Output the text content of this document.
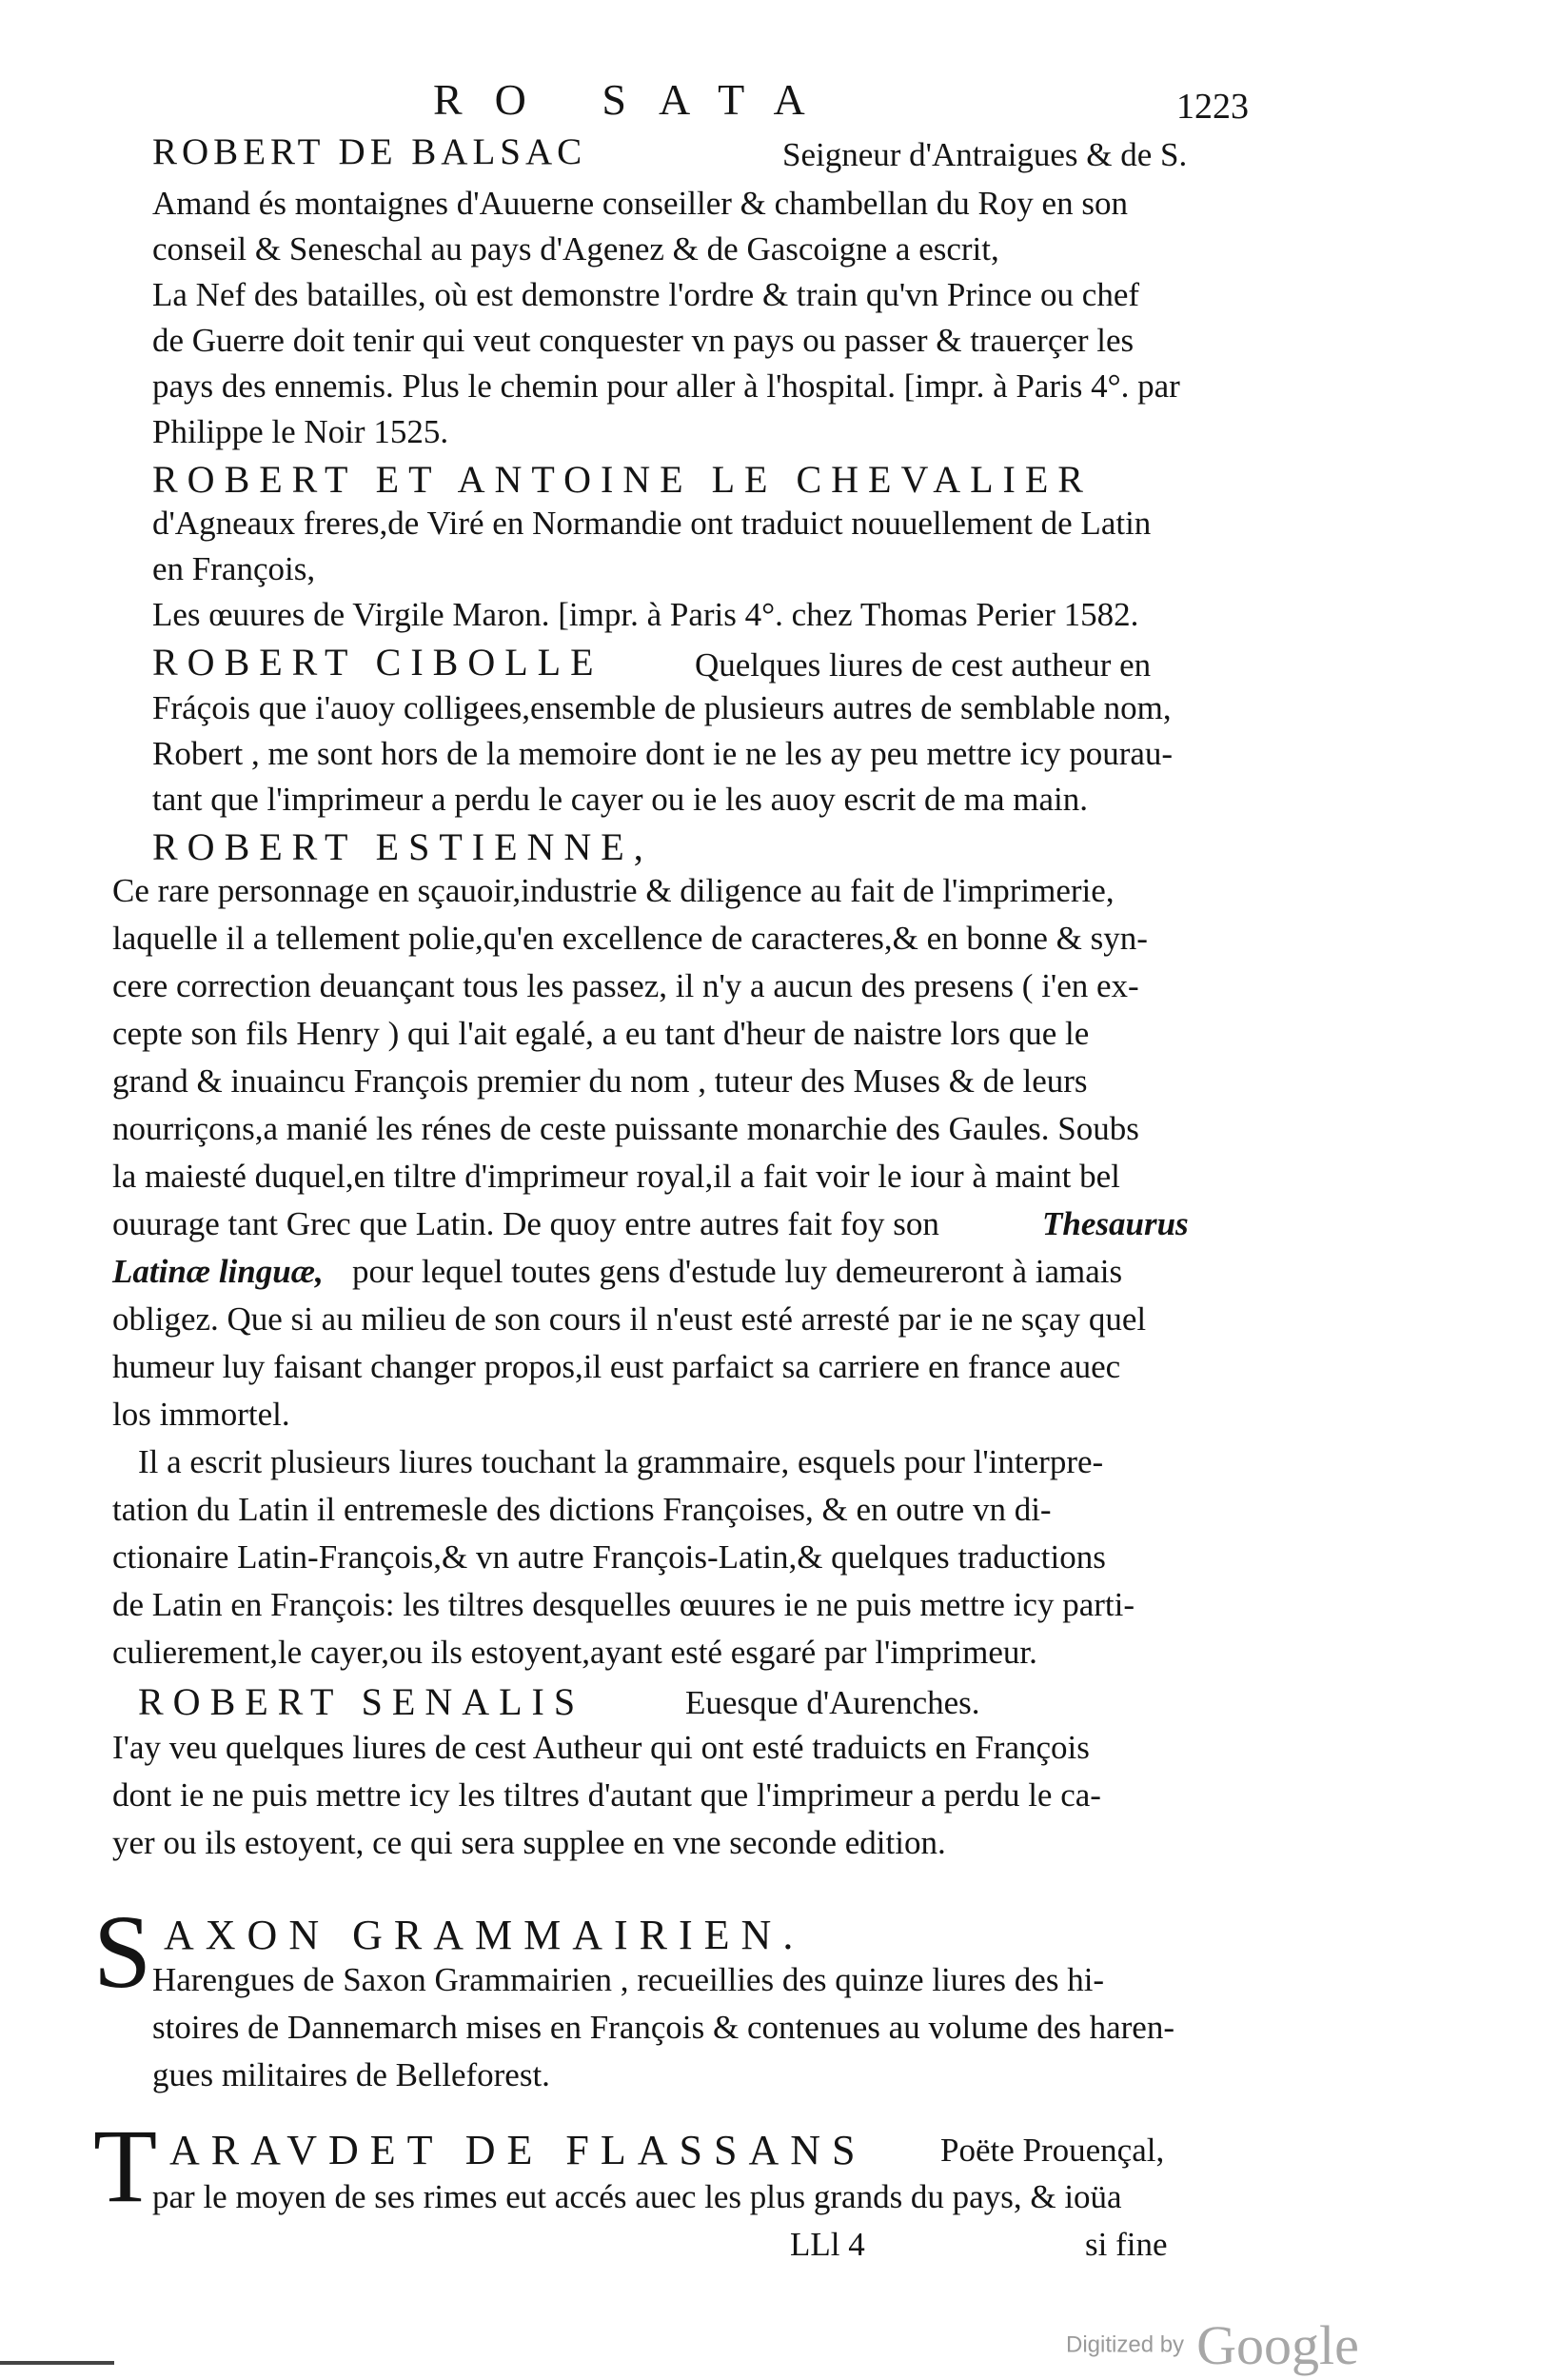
RO SATA	1223
ROBERT DE BALSAC	Seigneur d'Antraigues & de S.
Amand és montaignes d'Auuerne conseiller & chambellan du Roy en son
conseil & Seneschal au pays d'Agenez & de Gascoigne a escrit,
La Nef des batailles, où est demonstre l'ordre & train qu'vn Prince ou chef
de Guerre doit tenir qui veut conquester vn pays ou passer & trauerçer les
pays des ennemis. Plus le chemin pour aller à l'hospital. [impr. à Paris 4°. par
Philippe le Noir 1525.
ROBERT ET ANTOINE LE CHEVALIER
d'Agneaux freres,de Viré en Normandie ont traduict nouuellement de Latin
en François,
Les œuures de Virgile Maron. [impr. à Paris 4°. chez Thomas Perier 1582.
ROBERT CIBOLLE	Quelques liures de cest autheur en
Fráçois que i'auoy colligees,ensemble de plusieurs autres de semblable nom,
Robert , me sont hors de la memoire dont ie ne les ay peu mettre icy pourau-
tant que l'imprimeur a perdu le cayer ou ie les auoy escrit de ma main.
ROBERT ESTIENNE,
Ce rare personnage en sçauoir,industrie & diligence au fait de l'imprimerie,
laquelle il a tellement polie,qu'en excellence de caracteres,& en bonne & syn-
cere correction deuançant tous les passez, il n'y a aucun des presens ( i'en ex-
cepte son fils Henry ) qui l'ait egalé, a eu tant d'heur de naistre lors que le
grand & inuaincu François premier du nom , tuteur des Muses & de leurs
nourriçons,a manié les rénes de ceste puissante monarchie des Gaules. Soubs
la maiesté duquel,en tiltre d'imprimeur royal,il a fait voir le iour à maint bel
ouurage tant Grec que Latin. De quoy entre autres fait foy son	Thesaurus
Latinæ linguæ, pour lequel toutes gens d'estude luy demeureront à iamais
obligez. Que si au milieu de son cours il n'eust esté arresté par ie ne sçay quel
humeur luy faisant changer propos,il eust parfaict sa carriere en france auec
los immortel.
Il a escrit plusieurs liures touchant la grammaire, esquels pour l'interpre-
tation du Latin il entremesle des dictions Françoises, & en outre vn di-
ctionaire Latin-François,& vn autre François-Latin,& quelques traductions
de Latin en François: les tiltres desquelles œuures ie ne puis mettre icy parti-
culierement,le cayer,ou ils estoyent,ayant esté esgaré par l'imprimeur.
ROBERT SENALIS	Euesque d'Aurenches.
I'ay veu quelques liures de cest Autheur qui ont esté traduicts en François
dont ie ne puis mettre icy les tiltres d'autant que l'imprimeur a perdu le ca-
yer ou ils estoyent, ce qui sera supplee en vne seconde edition.
S AXON GRAMMAIRIEN.
Harengues de Saxon Grammairien , recueillies des quinze liures des hi-
stoires de Dannemarch mises en François & contenues au volume des haren-
gues militaires de Belleforest.
T ARAVDET DE FLASSANS Poëte Prouençal,
par le moyen de ses rimes eut accés auec les plus grands du pays, & ioüa
LLl 4	si fine
Digitized by Google
